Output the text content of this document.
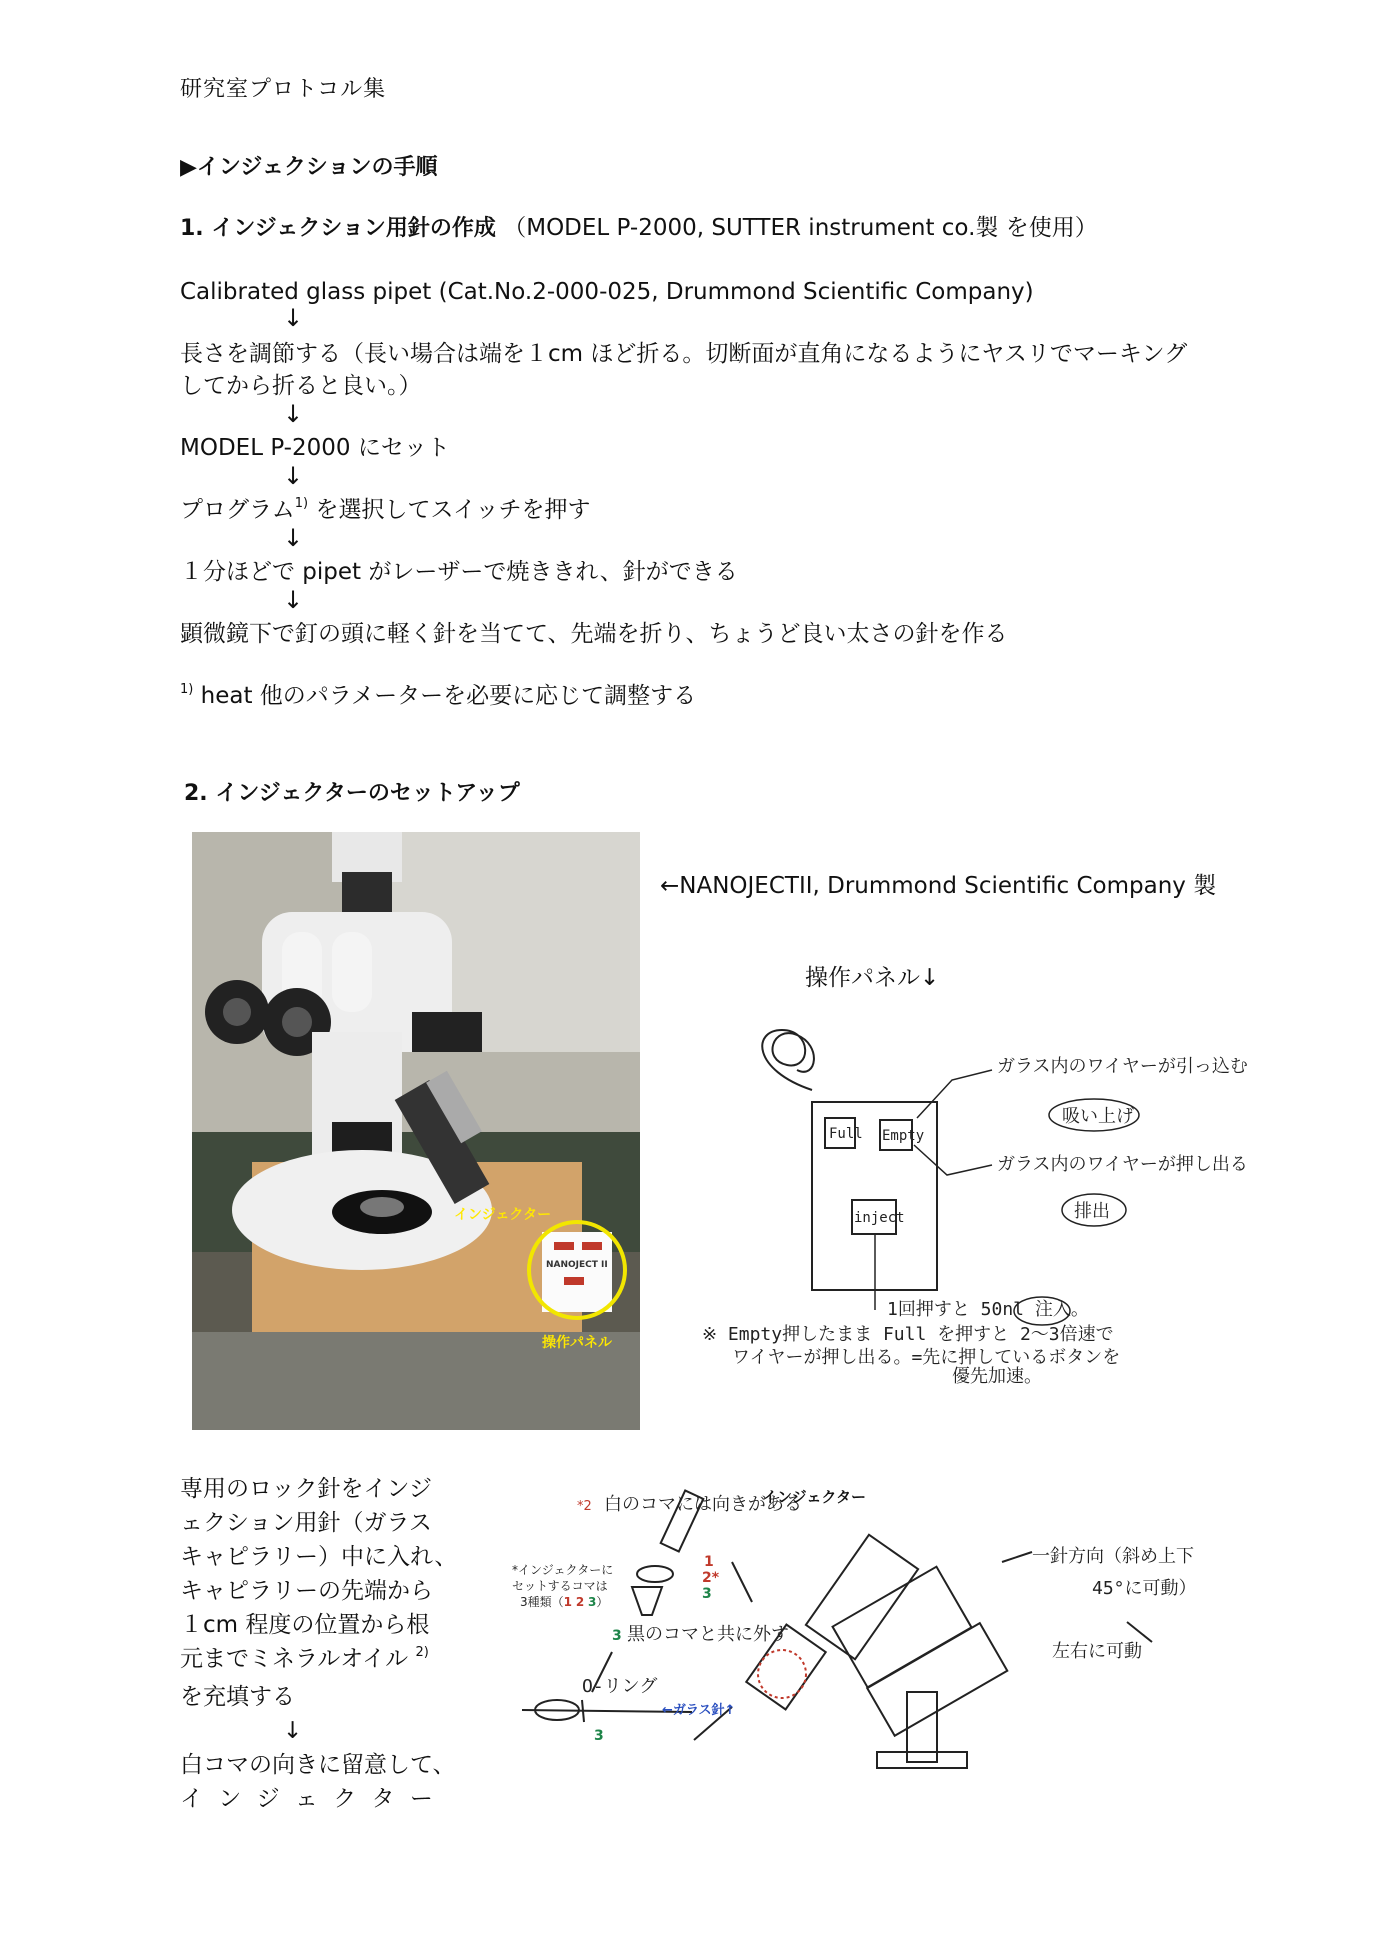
研究室プロトコル集
▶インジェクションの手順
1. インジェクション用針の作成 （MODEL P-2000, SUTTER instrument co.製 を使用）
Calibrated glass pipet (Cat.No.2-000-025, Drummond Scientific Company)
↓
長さを調節する（長い場合は端を１cm ほど折る。切断面が直角になるようにヤスリでマーキング
してから折ると良い。）
↓
MODEL P-2000 にセット
↓
プログラム$^{1)}$ を選択してスイッチを押す
↓
１分ほどで pipet がレーザーで焼ききれ、針ができる
↓
顕微鏡下で釘の頭に軽く針を当てて、先端を折り、ちょうど良い太さの針を作る
$^{1)}$ heat 他のパラメーターを必要に応じて調整する
2. インジェクターのセットアップ
インジェクター
NANOJECT II
操作パネル
←NANOJECTII, Drummond Scientific Company 製
操作パネル↓
Full Empty
inject
ガラス内のワイヤーが引っ込む。
吸い上げ
ガラス内のワイヤーが押し出る。
排出
1回押すと 50nl 注入。
※ Empty押したまま Full を押すと 2〜3倍速で
ワイヤーが押し出る。=先に押しているボタンを
優先加速。
専用のロック針をインジ
ェクション用針（ガラス
キャピラリー）中に入れ、
キャピラリーの先端から
１cm 程度の位置から根
元までミネラルオイル $^{2)}$
を充填する
↓
白コマの向きに留意して、
イ ン ジ ェ ク タ ー
インジェクター
*2 白のコマには向きがある
*インジェクターに
セットするコマは
3種類（1 2 3）
1
2*
3
3 黒のコマと共に外す
O-リング
←ガラス針↑
3
一針方向（斜め上下
45°に可動）
左右に可動
